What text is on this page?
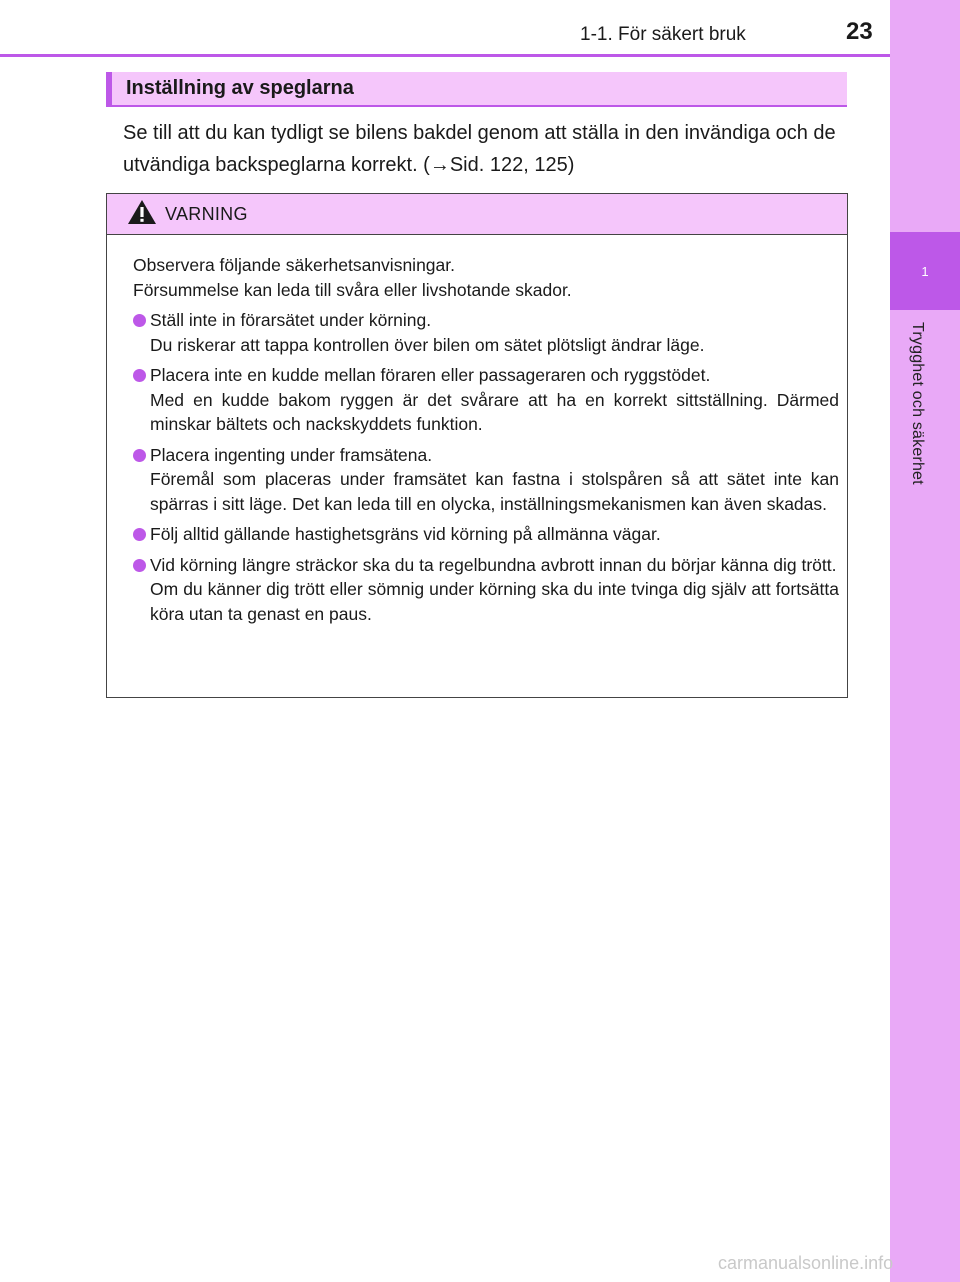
1
Trygghet och säkerhet
1-1. För säkert bruk	23
Inställning av speglarna
Se till att du kan tydligt se bilens bakdel genom att ställa in den invändiga och de utvändiga backspeglarna korrekt. (→Sid. 122, 125)
VARNING

Observera följande säkerhetsanvisningar.

Försummelse kan leda till svåra eller livshotande skador.

Ställ inte in förarsätet under körning.
Du riskerar att tappa kontrollen över bilen om sätet plötsligt ändrar läge.
Placera inte en kudde mellan föraren eller passageraren och ryggstödet.
Med en kudde bakom ryggen är det svårare att ha en korrekt sittställning. Därmed minskar bältets och nackskyddets funktion.
Placera ingenting under framsätena.
Föremål som placeras under framsätet kan fastna i stolspåren så att sätet inte kan spärras i sitt läge. Det kan leda till en olycka, inställningsmekanismen kan även skadas.
Följ alltid gällande hastighetsgräns vid körning på allmänna vägar.
Vid körning längre sträckor ska du ta regelbundna avbrott innan du börjar känna dig trött.
Om du känner dig trött eller sömnig under körning ska du inte tvinga dig själv att fortsätta köra utan ta genast en paus.
carmanualsonline.info
